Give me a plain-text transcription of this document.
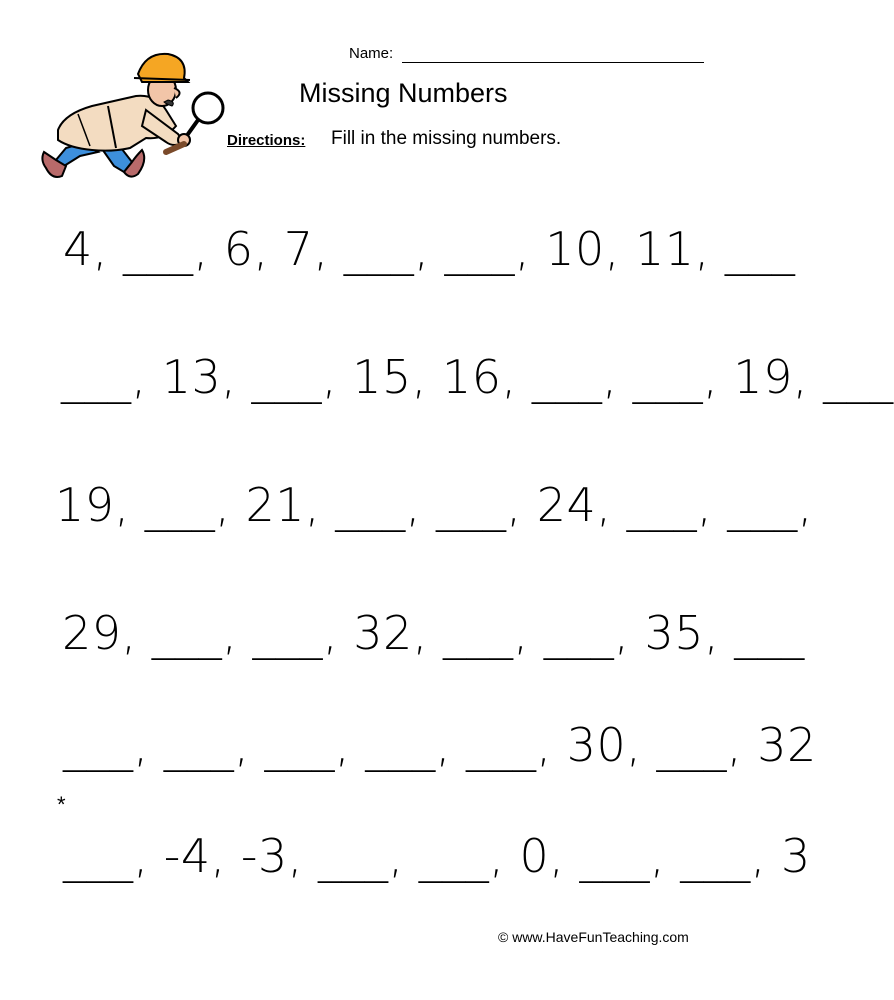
Name:
Missing Numbers
Directions: Fill in the missing numbers.

4, ___, 6, 7, ___, ___, 10, 11, ___

___, 13, ___, 15, 16, ___, ___, 19, ___

19, ___, 21, ___, ___, 24, ___, ___,

29, ___, ___, 32, ___, ___, 35, ___

___, ___, ___, ___, ___, 30, ___, 32

*

___, -4, -3, ___, ___, 0, ___, ___, 3

© www.HaveFunTeaching.com
